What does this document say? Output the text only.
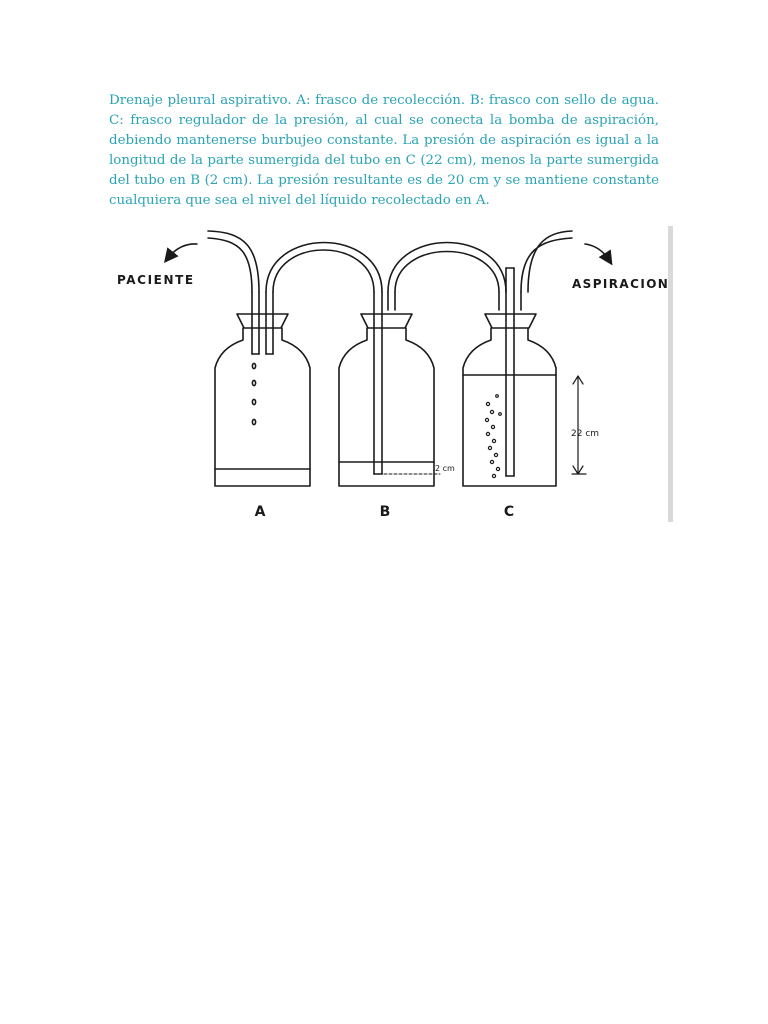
Drenaje pleural aspirativo. A: frasco de recolección. B: frasco con sello de agua. C: frasco regulador de la presión, al cual se conecta la bomba de aspiración, debiendo mantenerse burbujeo constante. La presión de aspiración es igual a la longitud de la parte sumergida del tubo en C (22 cm), menos la parte sumergida del tubo en B (2 cm). La presión resultante es de 20 cm y se mantiene constante cualquiera que sea el nivel del líquido recolectado en A.

PACIENTE	ASPIRACION
2 cm
22 cm
A	B	C
